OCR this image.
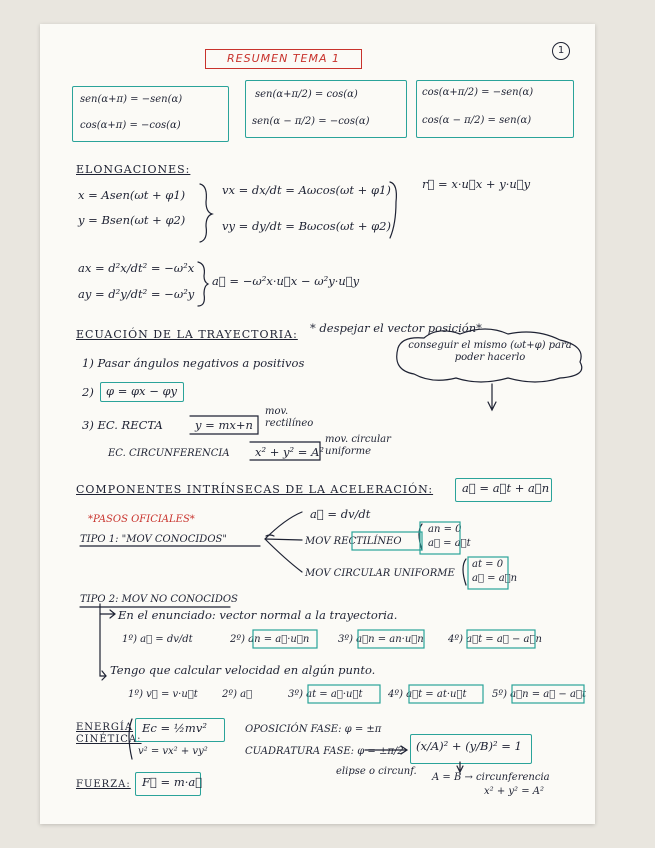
RESUMEN TEMA 1
1
sen(α+π) = −sen(α)
cos(α+π) = −cos(α)
sen(α+π/2) = cos(α)
sen(α − π/2) = −cos(α)
cos(α+π/2) = −sen(α)
cos(α − π/2) = sen(α)
ELONGACIONES:
x = Asen(ωt + φ1)
y = Bsen(ωt + φ2)
vx = dx/dt = Aωcos(ωt + φ1)
vy = dy/dt = Bωcos(ωt + φ2)
r⃗ = x·u⃗x + y·u⃗y
ax = d²x/dt² = −ω²x
ay = d²y/dt² = −ω²y
a⃗ = −ω²x·u⃗x − ω²y·u⃗y
ECUACIÓN DE LA TRAYECTORIA: * despejar el vector posición*
1) Pasar ángulos negativos a positivos
conseguir el mismo (ωt+φ) para poder hacerlo
2) φ = φx − φy
3) EC. RECTA	y = mx+n
mov. rectilíneo
EC. CIRCUNFERENCIA x² + y² = A²
mov. circular uniforme
COMPONENTES INTRÍNSECAS DE LA ACELERACIÓN:	a⃗ = a⃗t + a⃗n
*PASOS OFICIALES*
TIPO 1: "MOV CONOCIDOS"
a⃗ = dv/dt
MOV RECTILÍNEO
an = 0
a⃗ = a⃗t
MOV CIRCULAR UNIFORME
at = 0
a⃗ = a⃗n
TIPO 2: MOV NO CONOCIDOS
En el enunciado: vector normal a la trayectoria.
1º) a⃗ = dv/dt	2º) an = a⃗·u⃗n	3º) a⃗n = an·u⃗n 4º) a⃗t = a⃗ − a⃗n
Tengo que calcular velocidad en algún punto.
1º) v⃗ = v·u⃗t 2º) a⃗	3º) at = a⃗·u⃗t	4º) a⃗t = at·u⃗t	5º) a⃗n = a⃗ − a⃗t
ENERGÍA CINÉTICA:
Ec = ½mv²
v² = vx² + vy²
OPOSICIÓN FASE: φ = ±π
CUADRATURA FASE: φ = ±π/2 (x/A)² + (y/B)² = 1
elipse o circunf.
A = B → circunferencia
x² + y² = A²
FUERZA: F⃗ = m·a⃗
